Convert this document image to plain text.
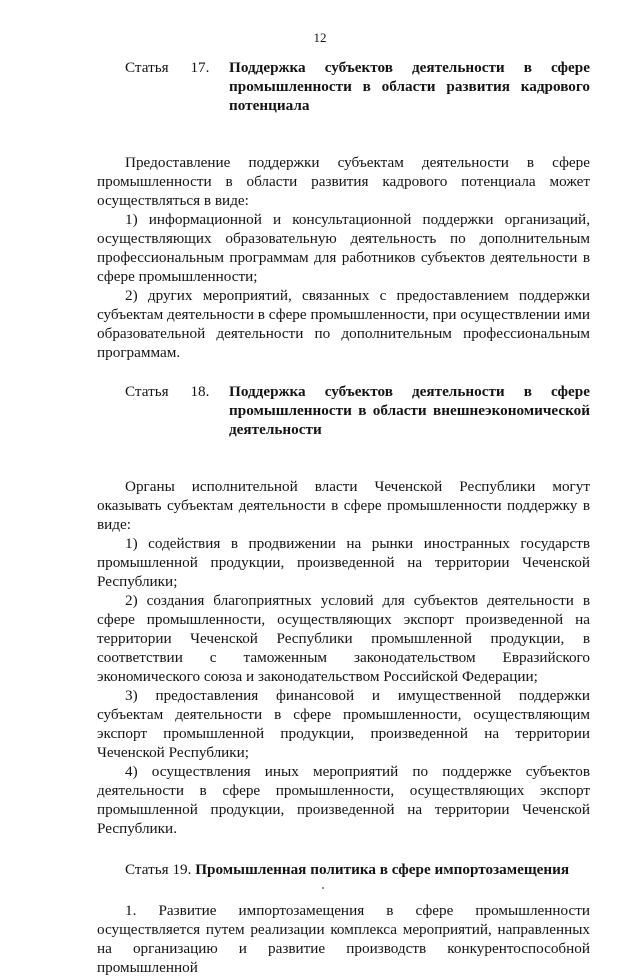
12
Статья 17.	Поддержка субъектов деятельности в сфере промышленности в области развития кадрового потенциала

Предоставление поддержки субъектам деятельности в сфере промышленности в области развития кадрового потенциала может осуществляться в виде:

1) информационной и консультационной поддержки организаций, осуществляющих образовательную деятельность по дополнительным профессиональным программам для работников субъектов деятельности в сфере промышленности;

2) других мероприятий, связанных с предоставлением поддержки субъектам деятельности в сфере промышленности, при осуществлении ими образовательной деятельности по дополнительным профессиональным программам.

Статья 18.	Поддержка субъектов деятельности в сфере промышленности в области внешнеэкономической деятельности

Органы исполнительной власти Чеченской Республики могут оказывать субъектам деятельности в сфере промышленности поддержку в виде:

1) содействия в продвижении на рынки иностранных государств промышленной продукции, произведенной на территории Чеченской Республики;

2) создания благоприятных условий для субъектов деятельности в сфере промышленности, осуществляющих экспорт произведенной на территории Чеченской Республики промышленной продукции, в соответствии с таможенным законодательством Евразийского экономического союза и законодательством Российской Федерации;

3) предоставления финансовой и имущественной поддержки субъектам деятельности в сфере промышленности, осуществляющим экспорт промышленной продукции, произведенной на территории Чеченской Республики;

4) осуществления иных мероприятий по поддержке субъектов деятельности в сфере промышленности, осуществляющих экспорт промышленной продукции, произведенной на территории Чеченской Республики.

Статья 19. Промышленная политика в сфере импортозамещения

1. Развитие импортозамещения в сфере промышленности осуществляется путем реализации комплекса мероприятий, направленных на организацию и развитие производств конкурентоспособной промышленной
